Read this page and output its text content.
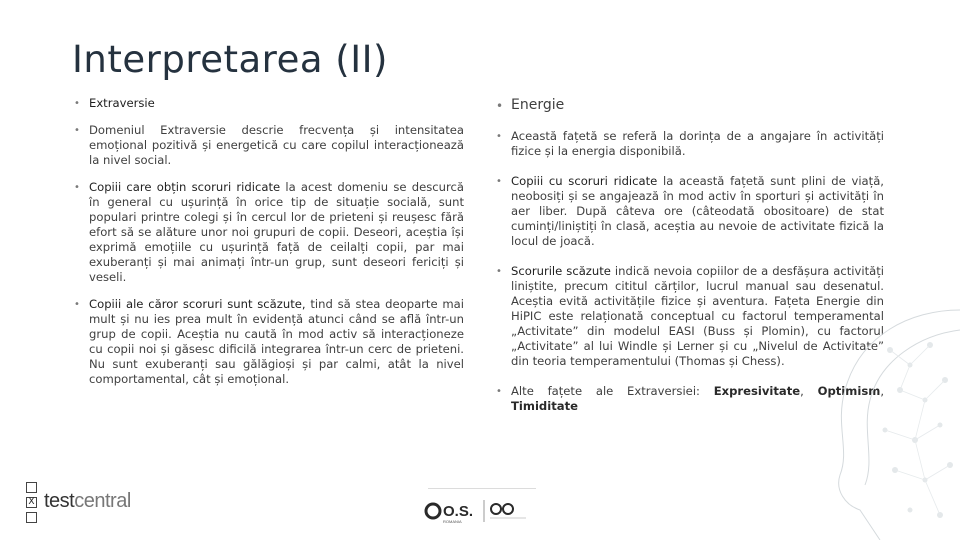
Interpretarea (II)
• Extraversie
• Domeniul Extraversie descrie frecvența și intensitatea emoțional pozitivă și energetică cu care copilul interacționează la nivel social.
• Copiii care obțin scoruri ridicate la acest domeniu se descurcă în general cu ușurință în orice tip de situație socială, sunt populari printre colegi și în cercul lor de prieteni și reușesc fără efort să se alăture unor noi grupuri de copii. Deseori, aceștia își exprimă emoțiile cu ușurință față de ceilalți copii, par mai exuberanți și mai animați într-un grup, sunt deseori fericiți și veseli.
• Copiii ale căror scoruri sunt scăzute, tind să stea deoparte mai mult și nu ies prea mult în evidență atunci când se află într-un grup de copii. Aceștia nu caută în mod activ să interacționeze cu copii noi și găsesc dificilă integrarea într-un cerc de prieteni. Nu sunt exuberanți sau gălăgioși și par calmi, atât la nivel comportamental, cât și emoțional.
• Energie
• Această fațetă se referă la dorința de a angajare în activități fizice și la energia disponibilă.
• Copiii cu scoruri ridicate la această fațetă sunt plini de viață, neobosiți și se angajează în mod activ în sporturi și activități în aer liber. După câteva ore (câteodată obositoare) de stat cuminți/liniștiți în clasă, aceștia au nevoie de activitate fizică la locul de joacă.
• Scorurile scăzute indică nevoia copiilor de a desfășura activități liniștite, precum cititul cărților, lucrul manual sau desenatul. Aceștia evită activitățile fizice și aventura. Fațeta Energie din HiPIC este relaționată conceptual cu factorul temperamental „Activitate” din modelul EASI (Buss și Plomin), cu factorul „Activitate” al lui Windle și Lerner și cu „Nivelul de Activitate” din teoria temperamentului (Thomas și Chess).
• Alte fațete ale Extraversiei: Expresivitate, Optimism, Timiditate
X testcentral	O.S.
ROMANIA
